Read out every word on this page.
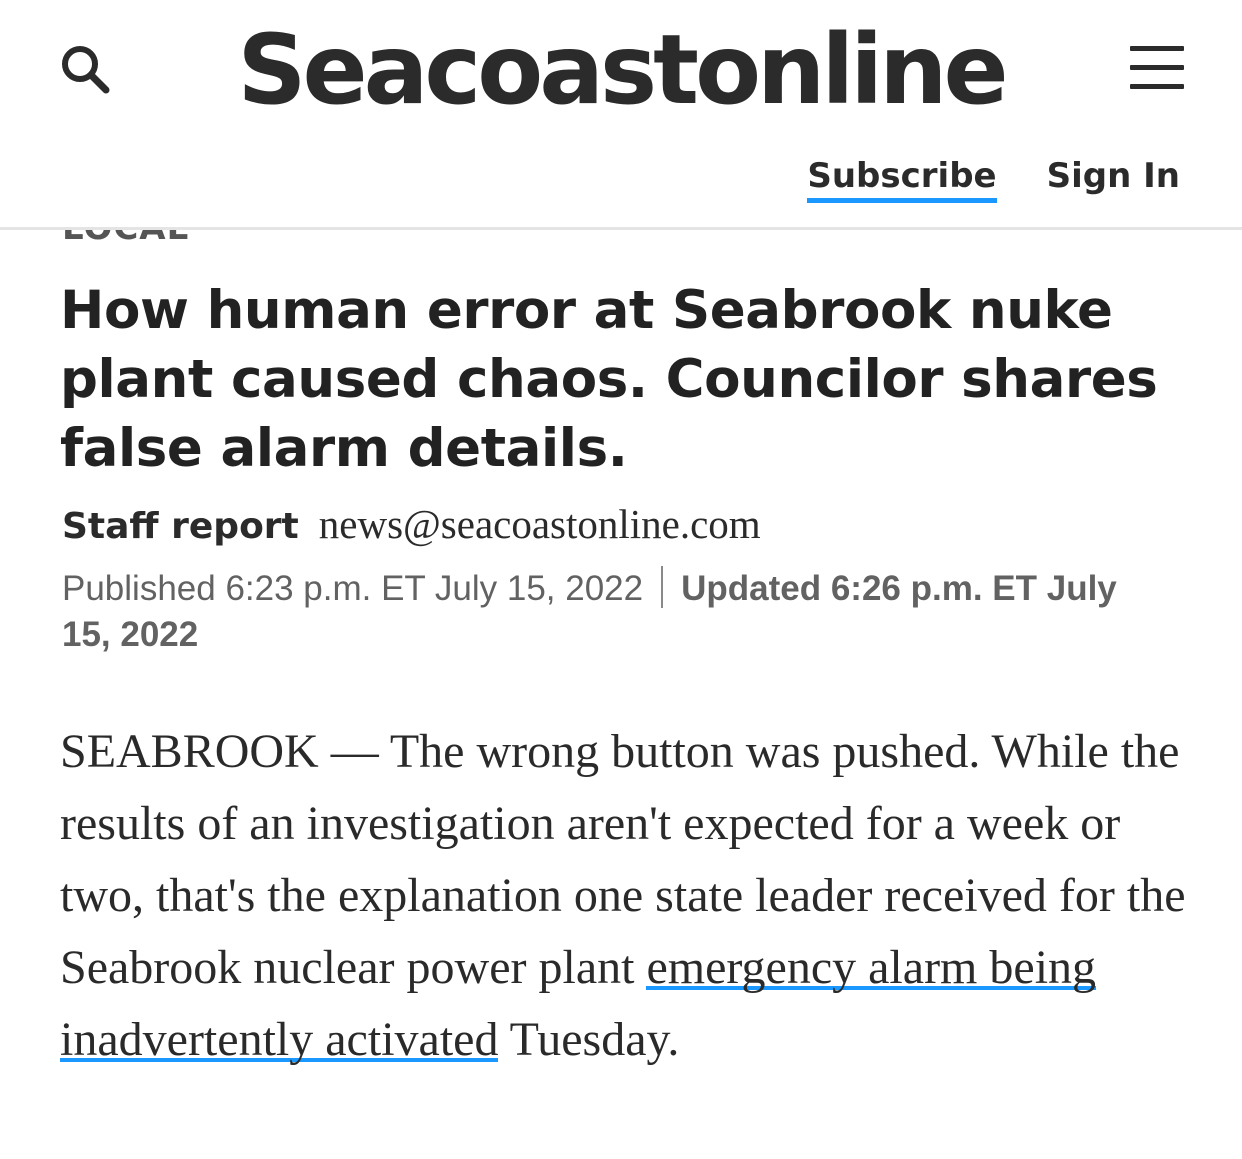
Seacoastonline
Subscribe Sign In
How human error at Seabrook nuke plant caused chaos. Councilor shares false alarm details.
Staff report news@seacoastonline.com
Published 6:23 p.m. ET July 15, 2022 Updated 6:26 p.m. ET July 15, 2022

SEABROOK — The wrong button was pushed. While the results of an investigation aren't expected for a week or two, that's the explanation one state leader received for the Seabrook nuclear power plant emergency alarm being inadvertently activated Tuesday.
